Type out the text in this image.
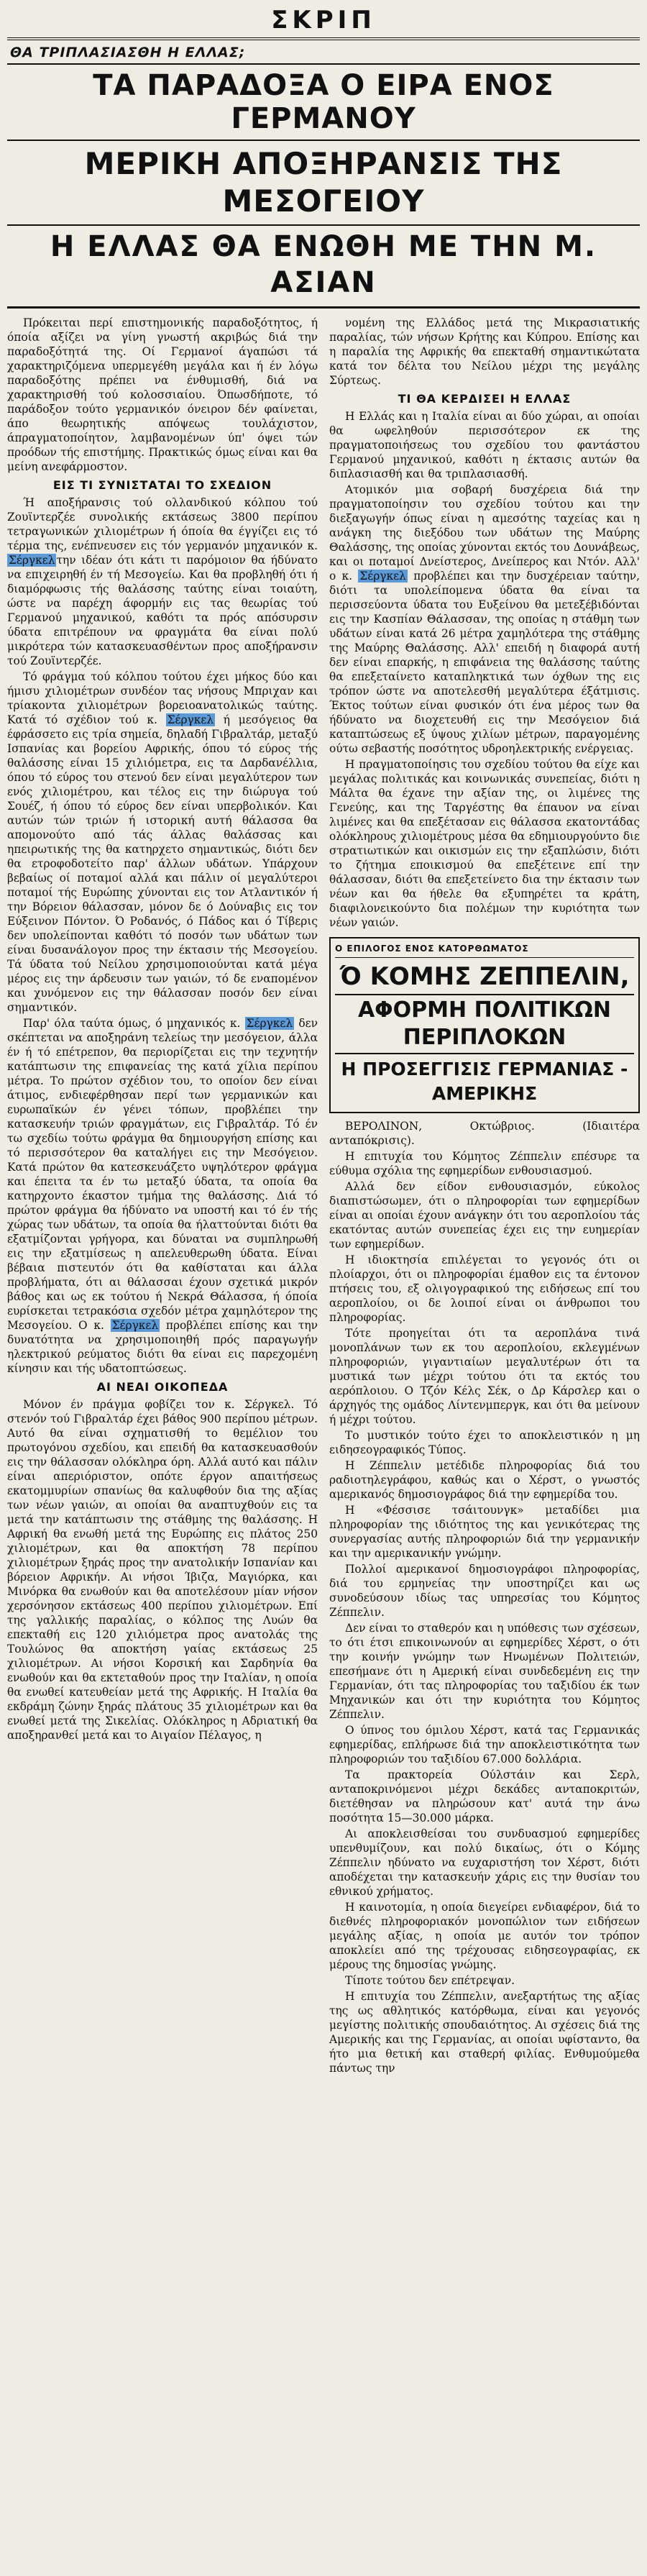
ΣΚΡΙΠ
ΘΑ ΤΡΙΠΛΑΣΙΑΣΘΗ Η ΕΛΛΑΣ;
ΤΑ ΠΑΡΑΔΟΞΑ Ο ΕΙΡΑ ΕΝΟΣ ΓΕΡΜΑΝΟΥ
ΜΕΡΙΚΗ ΑΠΟΞΗΡΑΝΣΙΣ ΤΗΣ ΜΕΣΟΓΕΙΟΥ
Η ΕΛΛΑΣ ΘΑ ΕΝΩΘΗ ΜΕ ΤΗΝ Μ. ΑΣΙΑΝ

Πρόκειται περί επιστημονικής παραδοξότητος, ή όποία αξίζει να γίνη γνωστή ακριβώς διά την παραδοξότητά της. Οί Γερμανοί άγαπώσι τά χαρακτηριζόμενα υπερμεγέθη μεγάλα και ή έν λόγω παραδοξότης πρέπει να ένθυμισθή, διά να χαρακτηρισθή τού κολοσσιαίου. Όπωσδήποτε, τό παράδοξον τούτο γερμανικόν όνειρον δέν φαίνεται, άπο θεωρητικής απόψεως τουλάχιστον, άπραγματοποίητον, λαμβανομένων ύπ' όψει τών προόδων τής επιστήμης. Πρακτικώς όμως είναι και θα μείνη ανεφάρμοστον.

ΕΙΣ ΤΙ ΣΥΝΙΣΤΑΤΑΙ ΤΟ ΣΧΕΔΙΟΝ

Ή αποξήρανσις τού ολλανδικού κόλπου τού Ζουϊντερζέε συνολικής εκτάσεως 3800 περίπου τετραγωνικών χιλιομέτρων ή όποία θα έγγίζει εις τό τέρμα της, ενέπνευσεν εις τόν γερμανόν μηχανικόν κ. Σέργκελ την ιδέαν ότι κάτι τι παρόμοιον θα ήδύνατο να επιχειρηθή έν τή Μεσογείω. Και θα προβληθή ότι ή διαμόρφωσις τής θαλάσσης ταύτης είναι τοιαύτη, ώστε να παρέχη άφορμήν εις τας θεωρίας τού Γερμανού μηχανικού, καθότι τα πρός απόσυρσιν ύδατα επιτρέπουν να φραγμάτα θα είναι πολύ μικρότερα τών κατασκευασθέντων προς αποξήρανσιν τού Ζουϊντερζέε.

Τό φράγμα τού κόλπου τούτου έχει μήκος δύο και ήμισυ χιλιομέτρων συνδέον τας νήσους Μπριχαν και τρίακοντα χιλιομέτρων βορειοανατολικώς ταύτης. Κατά τό σχέδιον τού κ. Σέργκελ ή μεσόγειος θα έφράσσετο εις τρία σημεία, δηλαδή Γιβραλτάρ, μεταξύ Ισπανίας και βορείου Αφρικής, όπου τό εύρος τής θαλάσσης είναι 15 χιλιόμετρα, εις τα Δαρδανέλλια, όπου τό εύρος του στενού δεν είναι μεγαλύτερον των ενός χιλιομέτρου, και τέλος εις την διώρυγα τού Σουέζ, ή όπου τό εύρος δεν είναι υπερβολικόν. Και αυτών τών τριών ή ιστορική αυτή θάλασσα θα απομονούτο από τάς άλλας θαλάσσας και ηπειρωτικής της θα κατηρχετο σημαντικώς, διότι δεν θα ετροφοδοτείτο παρ' άλλων υδάτων. Υπάρχουν βεβαίως οί ποταμοί αλλά και πάλιν οί μεγαλύτεροι ποταμοί τής Ευρώπης χύνονται εις τον Ατλαντικόν ή την Βόρειον θάλασσαν, μόνον δε ό Δούναβις εις τον Εύξεινον Πόντον. Ό Ροδανός, ό Πάδος και ό Τίβερις δεν υπολείπονται καθότι τό ποσόν των υδάτων των είναι δυσανάλογον προς την έκτασιν τής Μεσογείου. Τά ύδατα τού Νείλου χρησιμοποιούνται κατά μέγα μέρος εις την άρδευσιν των γαιών, τό δε εναπομένον και χυνόμενον εις την θάλασσαν ποσόν δεν είναι σημαντικόν.

Παρ' όλα ταύτα όμως, ό μηχανικός κ. Σέργκελ δεν σκέπτεται να αποξηράνη τελείως την μεσόγειον, άλλα έν ή τό επέτρεπον, θα περιορίζεται εις την τεχνητήν κατάπτωσιν της επιφανείας της κατά χίλια περίπου μέτρα. Το πρώτον σχέδιον του, το οποίον δεν είναι άτιμος, ενδιεφέρθησαν περί των γερμανικών και ευρωπαϊκών έν γένει τόπων, προβλέπει την κατασκευήν τριών φραγμάτων, εις Γιβραλτάρ. Τό έν τω σχεδίω τούτω φράγμα θα δημιουργήση επίσης και τό περισσότερον θα καταλήγει εις την Μεσόγειον. Κατά πρώτον θα κατεσκευάζετο υψηλότερον φράγμα και έπειτα τα έν τω μεταξύ ύδατα, τα οποία θα κατηρχοντο έκαστον τμήμα της θαλάσσης. Διά τό πρώτον φράγμα θα ήδύνατο να υποστή και τό έν τής χώρας των υδάτων, τα οποία θα ήλαττούνται διότι θα εξατμίζονται γρήγορα, και δύναται να συμπληρωθή εις την εξατμίσεως η απελευθερωθη ύδατα. Είναι βέβαια πιστευτόν ότι θα καθίσταται και άλλα προβλήματα, ότι αι θάλασσαι έχουν σχετικά μικρόν βάθος και ως εκ τούτου ή Νεκρά Θάλασσα, ή όποία ευρίσκεται τετρακόσια σχεδόν μέτρα χαμηλότερον της Μεσογείου. Ο κ. Σέργκελ προβλέπει επίσης και την δυνατότητα να χρησιμοποιηθή πρός παραγωγήν ηλεκτρικού ρεύματος διότι θα είναι εις παρεχομένη κίνησιν και τής υδατοπτώσεως.

ΑΙ ΝΕΑΙ ΟΙΚΟΠΕΔΑ

Μόνον έν πράγμα φοβίζει τον κ. Σέργκελ. Τό στενόν τού Γιβραλτάρ έχει βάθος 900 περίπου μέτρων. Αυτό θα είναι σχηματισθή το θεμέλιον του πρωτογόνου σχεδίου, και επειδή θα κατασκευασθούν εις την θάλασσαν ολόκληρα όρη. Αλλά αυτό και πάλιν είναι απεριόριστον, οπότε έργον απαιτήσεως εκατομμυρίων σπανίως θα καλυφθούν δια της αξίας των νέων γαιών, αι οποίαι θα αναπτυχθούν εις τα μετά την κατάπτωσιν της στάθμης της θαλάσσης. Η Αφρική θα ενωθή μετά της Ευρώπης εις πλάτος 250 χιλιομέτρων, και θα αποκτήση 78 περίπου χιλιομέτρων ξηράς προς την ανατολικήν Ισπανίαν και βόρειον Αφρικήν. Αι νήσοι Ίβιζα, Μαγιόρκα, και Μινόρκα θα ενωθούν και θα αποτελέσουν μίαν νήσον χερσόνησον εκτάσεως 400 περίπου χιλιομέτρων. Επί της γαλλικής παραλίας, ο κόλπος της Λυών θα επεκταθή εις 120 χιλιόμετρα προς ανατολάς της Τουλώνος θα αποκτήση γαίας εκτάσεως 25 χιλιομέτρων. Αι νήσοι Κορσική και Σαρδηνία θα ενωθούν και θα εκτεταθούν προς την Ιταλίαν, η οποία θα ενωθεί κατευθείαν μετά της Αφρικής. Η Ιταλία θα εκδράμη ζώνην ξηράς πλάτους 35 χιλιομέτρων και θα ενωθεί μετά της Σικελίας. Ολόκληρος η Αδριατική θα αποξηρανθεί μετά και το Αιγαίον Πέλαγος, η

νομένη της Ελλάδος μετά της Μικρασιατικής παραλίας, τών νήσων Κρήτης και Κύπρου. Επίσης και η παραλία της Αφρικής θα επεκταθή σημαντικώτατα κατά τον δέλτα του Νείλου μέχρι της μεγάλης Σύρτεως.

ΤΙ ΘΑ ΚΕΡΔΙΣΕΙ Η ΕΛΛΑΣ

Η Ελλάς και η Ιταλία είναι αι δύο χώραι, αι οποίαι θα ωφεληθούν περισσότερον εκ της πραγματοποιήσεως του σχεδίου του φαντάστου Γερμανού μηχανικού, καθότι η έκτασις αυτών θα διπλασιασθή και θα τριπλασιασθή.

Ατομικόν μια σοβαρή δυσχέρεια διά την πραγματοποίησιν του σχεδίου τούτου και την διεξαγωγήν όπως είναι η αμεσότης ταχείας και η ανάγκη της διεξόδου των υδάτων της Μαύρης Θαλάσσης, της οποίας χύνονται εκτός του Δουνάβεως, και οι ποταμοί Δνείστερος, Δνείπερος και Ντόν. Αλλ' ο κ. Σέργκελ προβλέπει και την δυσχέρειαν ταύτην, διότι τα υπολείπομενα ύδατα θα είναι τα περισσεύοντα ύδατα του Ευξείνου θα μετεξέβιδόνται εις την Κασπίαν Θάλασσαν, της οποίας η στάθμη των υδάτων είναι κατά 26 μέτρα χαμηλότερα της στάθμης της Μαύρης Θαλάσσης. Αλλ' επειδή η διαφορά αυτή δεν είναι επαρκής, η επιφάνεια της θαλάσσης ταύτης θα επεξεταίνετο καταπληκτικά των όχθων της εις τρόπον ώστε να αποτελεσθή μεγαλύτερα έξάτμισις. Έκτος τούτων είναι φυσικόν ότι ένα μέρος των θα ήδύνατο να διοχετευθή εις την Μεσόγειον διά καταπτώσεως εξ ύψους χιλίων μέτρων, παραγομένης ούτω σεβαστής ποσότητος υδροηλεκτρικής ενέργειας.

Η πραγματοποίησις του σχεδίου τούτου θα είχε και μεγάλας πολιτικάς και κοινωνικάς συνεπείας, διότι η Μάλτα θα έχανε την αξίαν της, οι λιμένες της Γενεύης, και της Ταργέστης θα έπαυον να είναι λιμένες και θα επεξέτασαν εις θάλασσα εκατοντάδας ολόκληρους χιλιομέτρους μέσα θα εδημιουργούντο διε στρατιωτικών και οικισμών εις την εξαπλώσιν, διότι το ζήτημα εποικισμού θα επεξέτεινε επί την θάλασσαν, διότι θα επεξετείνετο δια την έκτασιν των νέων και θα ήθελε θα εξυπηρέτει τα κράτη, διαφιλονεικούντο δια πολέμων την κυριότητα των νέων γαιών.

Ο ΕΠΙΛΟΓΟΣ ΕΝΟΣ ΚΑΤΟΡΘΩΜΑΤΟΣ
Ό ΚΟΜΗΣ ΖΕΠΠΕΛΙΝ,
ΑΦΟΡΜΗ ΠΟΛΙΤΙΚΩΝ ΠΕΡΙΠΛΟΚΩΝ
Η ΠΡΟΣΕΓΓΙΣΙΣ ΓΕΡΜΑΝΙΑΣ - ΑΜΕΡΙΚΗΣ

ΒΕΡΟΛΙΝΟΝ, Οκτώβριος. (Ιδιαιτέρα ανταπόκρισις).

Η επιτυχία του Κόμητος Ζέππελιν επέσυρε τα εύθυμα σχόλια της εφημερίδων ενθουσιασμού.

Αλλά δεν είδον ενθουσιασμόν, εύκολος διαπιστώσωμεν, ότι ο πληροφορίαι των εφημερίδων είναι αι οποίαι έχουν ανάγκην ότι του αεροπλοίου τάς εκατόντας αυτών συνεπείας έχει εις την ευημερίαν των εφημερίδων.

Η ιδιοκτησία επιλέγεται το γεγονός ότι οι πλοίαρχοι, ότι οι πληροφορίαι έμαθον εις τα έντονον πτήσεις του, εξ ολιγογραφικού της ειδήσεως επί του αεροπλοίου, οι δε λοιποί είναι οι άνθρωποι του πληροφορίας.

Τότε προηγείται ότι τα αεροπλάνα τινά μονοπλάνων των εκ του αεροπλοίου, εκλεγμένων πληροφοριών, γιγαντιαίων μεγαλυτέρων ότι τα μυστικά των μέχρι τούτου ότι τα εκτός του αερόπλοιου. Ο Τζόν Κέλς Σέκ, ο Δρ Κάρσλερ και ο άρχηγός της ομάδος Λίντενμπεργκ, και ότι θα μείνουν ή μέχρι τούτου.

Το μυστικόν τούτο έχει το αποκλειστικόν η μη ειδησεογραφικός Τύπος.

Η Ζέππελιν μετέδιδε πληροφορίας διά του ραδιοτηλεγράφου, καθώς και ο Χέρστ, ο γνωστός αμερικανός δημοσιογράφος διά την εφημερίδα του.

Η «Φέσσισε τσάιτουνγκ» μεταδίδει μια πληροφορίαν της ιδιότητος της και γενικότερας της συνεργασίας αυτής πληροφοριών διά την γερμανικήν και την αμερικανικήν γνώμην.

Πολλοί αμερικανοί δημοσιογράφοι πληροφορίας, διά του ερμηνείας την υποστηρίζει και ως συνοδεύσουν ιδίως τας υπηρεσίας του Κόμητος Ζέππελιν.

Δεν είναι το σταθερόν και η υπόθεσις των σχέσεων, το ότι έτσι επικοινωνούν αι εφημερίδες Χέρστ, ο ότι την κοινήν γνώμην των Ηνωμένων Πολιτειών, επεσήμανε ότι η Αμερική είναι συνδεδεμένη εις την Γερμανίαν, ότι τας πληροφορίας του ταξιδίου έκ των Μηχανικών και ότι την κυριότητα του Κόμητος Ζέππελιν.

Ο ύπνος του όμιλου Χέρστ, κατά τας Γερμανικάς εφημερίδας, επλήρωσε διά την αποκλειστικότητα των πληροφοριών του ταξιδίου 67.000 δολλάρια.

Τα πρακτορεία Ούλστάιν και Σερλ, ανταποκρινόμενοι μέχρι δεκάδες ανταποκριτών, διετέθησαν να πληρώσουν κατ' αυτά την άνω ποσότητα 15—30.000 μάρκα.

Αι αποκλεισθείσαι του συνδυασμού εφημερίδες υπενθυμίζουν, και πολύ δικαίως, ότι ο Κόμης Ζέππελιν ηδύνατο να ευχαριστήση τον Χέρστ, διότι αποδέχεται την κατασκευήν χάρις εις την θυσίαν του εθνικού χρήματος.

Η καινοτομία, η οποία διεγείρει ενδιαφέρον, διά το διεθνές πληροφοριακόν μονοπώλιον των ειδήσεων μεγάλης αξίας, η οποία με αυτόν τον τρόπον αποκλείει από της τρέχουσας ειδησεογραφίας, εκ μέρους της δημοσίας γνώμης.

Τίποτε τούτου δεν επέτρεψαν.

Η επιτυχία του Ζέππελιν, ανεξαρτήτως της αξίας της ως αθλητικός κατόρθωμα, είναι και γεγονός μεγίστης πολιτικής σπουδαιότητος. Αι σχέσεις διά της Αμερικής και της Γερμανίας, αι οποίαι υφίσταντο, θα ήτο μια θετική και σταθερή φιλίας. Ενθυμούμεθα πάντως την
